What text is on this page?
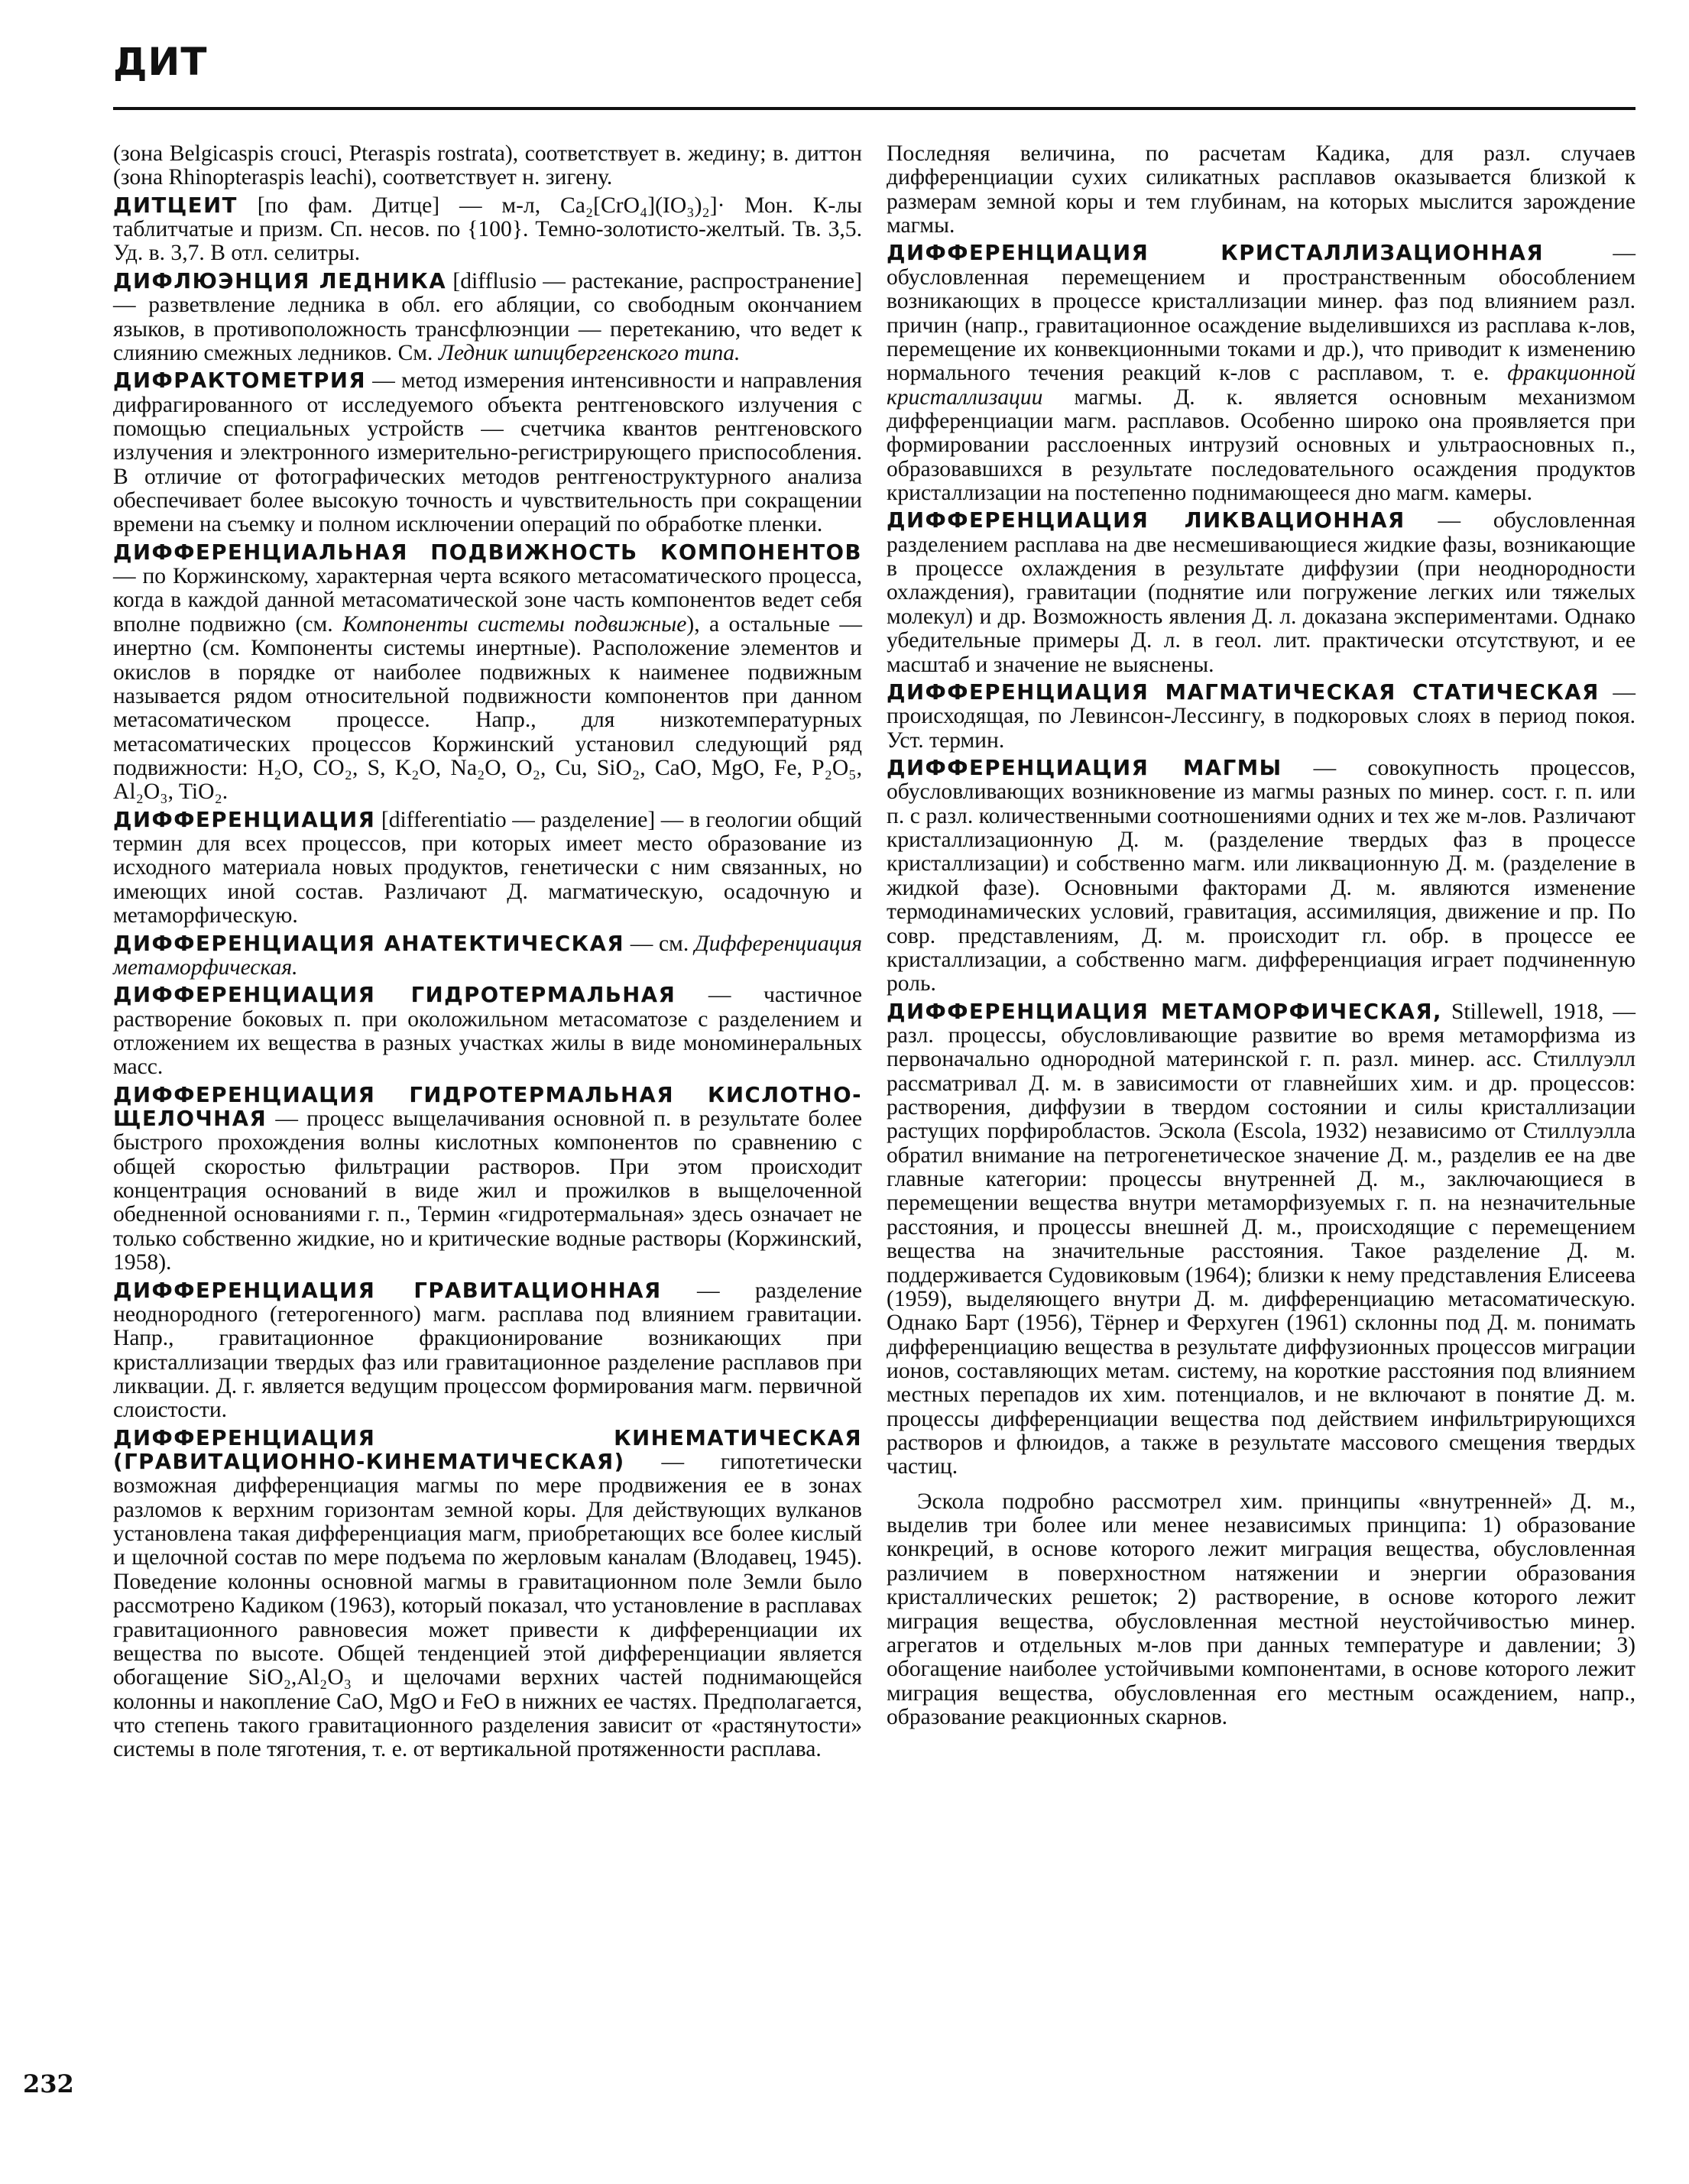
ДИТ
(зона Belgicaspis crouci, Pteraspis rostrata), соответствует в. жедину; в. диттон (зона Rhinopteraspis leachi), соответствует н. зигену.
ДИТЦЕИТ [по фам. Дитце] — м-л, Ca₂[CrO₄](IO₃)₂]· Мон. К-лы таблитчатые и призм. Сп. несов. по {100}. Темно-золотисто-желтый. Тв. 3,5. Уд. в. 3,7. В отл. селитры.
ДИФЛЮЭНЦИЯ ЛЕДНИКА [difflusio — растекание, распространение] — разветвление ледника в обл. его абляции, со свободным окончанием языков, в противоположность трансфлюэнции — перетеканию, что ведет к слиянию смежных ледников. См. Ледник шпицбергенского типа.
ДИФРАКТОМЕТРИЯ — метод измерения интенсивности и направления дифрагированного от исследуемого объекта рентгеновского излучения с помощью специальных устройств — счетчика квантов рентгеновского излучения и электронного измерительно-регистрирующего приспособления. В отличие от фотографических методов рентгеноструктурного анализа обеспечивает более высокую точность и чувствительность при сокращении времени на съемку и полном исключении операций по обработке пленки.
ДИФФЕРЕНЦИАЛЬНАЯ ПОДВИЖНОСТЬ КОМПОНЕНТОВ — по Коржинскому, характерная черта всякого метасоматического процесса, когда в каждой данной метасоматической зоне часть компонентов ведет себя вполне подвижно (см. Компоненты системы подвижные), а остальные — инертно (см. Компоненты системы инертные). Расположение элементов и окислов в порядке от наиболее подвижных к наименее подвижным называется рядом относительной подвижности компонентов при данном метасоматическом процессе. Напр., для низкотемпературных метасоматических процессов Коржинский установил следующий ряд подвижности: H₂O, CO₂, S, K₂O, Na₂O, O₂, Cu, SiO₂, CaO, MgO, Fe, P₂O₅, Al₂O₃, TiO₂.
ДИФФЕРЕНЦИАЦИЯ [differentiatio — разделение] — в геологии общий термин для всех процессов, при которых имеет место образование из исходного материала новых продуктов, генетически с ним связанных, но имеющих иной состав. Различают Д. магматическую, осадочную и метаморфическую.
ДИФФЕРЕНЦИАЦИЯ АНАТЕКТИЧЕСКАЯ — см. Дифференциация метаморфическая.
ДИФФЕРЕНЦИАЦИЯ ГИДРОТЕРМАЛЬНАЯ — частичное растворение боковых п. при околожильном метасоматозе с разделением и отложением их вещества в разных участках жилы в виде мономинеральных масс.
ДИФФЕРЕНЦИАЦИЯ ГИДРОТЕРМАЛЬНАЯ КИСЛОТНО-ЩЕЛОЧНАЯ — процесс выщелачивания основной п. в результате более быстрого прохождения волны кислотных компонентов по сравнению с общей скоростью фильтрации растворов. При этом происходит концентрация оснований в виде жил и прожилков в выщелоченной обедненной основаниями г. п., Термин «гидротермальная» здесь означает не только собственно жидкие, но и критические водные растворы (Коржинский, 1958).
ДИФФЕРЕНЦИАЦИЯ ГРАВИТАЦИОННАЯ — разделение неоднородного (гетерогенного) магм. расплава под влиянием гравитации. Напр., гравитационное фракционирование возникающих при кристаллизации твердых фаз или гравитационное разделение расплавов при ликвации. Д. г. является ведущим процессом формирования магм. первичной слоистости.
ДИФФЕРЕНЦИАЦИЯ КИНЕМАТИЧЕСКАЯ (ГРАВИТАЦИОННО-КИНЕМАТИЧЕСКАЯ) — гипотетически возможная дифференциация магмы по мере продвижения ее в зонах разломов к верхним горизонтам земной коры. Для действующих вулканов установлена такая дифференциация магм, приобретающих все более кислый и щелочной состав по мере подъема по жерловым каналам (Влодавец, 1945). Поведение колонны основной магмы в гравитационном поле Земли было рассмотрено Кадиком (1963), который показал, что установление в расплавах гравитационного равновесия может привести к дифференциации их вещества по высоте. Общей тенденцией этой дифференциации является обогащение SiO₂,Al₂O₃ и щелочами верхних частей поднимающейся колонны и накопление CaO, MgO и FeO в нижних ее частях. Предполагается, что степень такого гравитационного разделения зависит от «растянутости» системы в поле тяготения, т. е. от вертикальной протяженности расплава.
Последняя величина, по расчетам Кадика, для разл. случаев дифференциации сухих силикатных расплавов оказывается близкой к размерам земной коры и тем глубинам, на которых мыслится зарождение магмы.
ДИФФЕРЕНЦИАЦИЯ КРИСТАЛЛИЗАЦИОННАЯ — обусловленная перемещением и пространственным обособлением возникающих в процессе кристаллизации минер. фаз под влиянием разл. причин (напр., гравитационное осаждение выделившихся из расплава к-лов, перемещение их конвекционными токами и др.), что приводит к изменению нормального течения реакций к-лов с расплавом, т. е. фракционной кристаллизации магмы. Д. к. является основным механизмом дифференциации магм. расплавов. Особенно широко она проявляется при формировании расслоенных интрузий основных и ультраосновных п., образовавшихся в результате последовательного осаждения продуктов кристаллизации на постепенно поднимающееся дно магм. камеры.
ДИФФЕРЕНЦИАЦИЯ ЛИКВАЦИОННАЯ — обусловленная разделением расплава на две несмешивающиеся жидкие фазы, возникающие в процессе охлаждения в результате диффузии (при неоднородности охлаждения), гравитации (поднятие или погружение легких или тяжелых молекул) и др. Возможность явления Д. л. доказана экспериментами. Однако убедительные примеры Д. л. в геол. лит. практически отсутствуют, и ее масштаб и значение не выяснены.
ДИФФЕРЕНЦИАЦИЯ МАГМАТИЧЕСКАЯ СТАТИЧЕСКАЯ — происходящая, по Левинсон-Лессингу, в подкоровых слоях в период покоя. Уст. термин.
ДИФФЕРЕНЦИАЦИЯ МАГМЫ — совокупность процессов, обусловливающих возникновение из магмы разных по минер. сост. г. п. или п. с разл. количественными соотношениями одних и тех же м-лов. Различают кристаллизационную Д. м. (разделение твердых фаз в процессе кристаллизации) и собственно магм. или ликвационную Д. м. (разделение в жидкой фазе). Основными факторами Д. м. являются изменение термодинамических условий, гравитация, ассимиляция, движение и пр. По совр. представлениям, Д. м. происходит гл. обр. в процессе ее кристаллизации, а собственно магм. дифференциация играет подчиненную роль.
ДИФФЕРЕНЦИАЦИЯ МЕТАМОРФИЧЕСКАЯ, Stillewell, 1918, — разл. процессы, обусловливающие развитие во время метаморфизма из первоначально однородной материнской г. п. разл. минер. асс. Стиллуэлл рассматривал Д. м. в зависимости от главнейших хим. и др. процессов: растворения, диффузии в твердом состоянии и силы кристаллизации растущих порфиробластов. Эскола (Escola, 1932) независимо от Стиллуэлла обратил внимание на петрогенетическое значение Д. м., разделив ее на две главные категории: процессы внутренней Д. м., заключающиеся в перемещении вещества внутри метаморфизуемых г. п. на незначительные расстояния, и процессы внешней Д. м., происходящие с перемещением вещества на значительные расстояния. Такое разделение Д. м. поддерживается Судовиковым (1964); близки к нему представления Елисеева (1959), выделяющего внутри Д. м. дифференциацию метасоматическую. Однако Барт (1956), Тёрнер и Ферхуген (1961) склонны под Д. м. понимать дифференциацию вещества в результате диффузионных процессов миграции ионов, составляющих метам. систему, на короткие расстояния под влиянием местных перепадов их хим. потенциалов, и не включают в понятие Д. м. процессы дифференциации вещества под действием инфильтрирующихся растворов и флюидов, а также в результате массового смещения твердых частиц.
Эскола подробно рассмотрел хим. принципы «внутренней» Д. м., выделив три более или менее независимых принципа: 1) образование конкреций, в основе которого лежит миграция вещества, обусловленная различием в поверхностном натяжении и энергии образования кристаллических решеток; 2) растворение, в основе которого лежит миграция вещества, обусловленная местной неустойчивостью минер. агрегатов и отдельных м-лов при данных температуре и давлении; 3) обогащение наиболее устойчивыми компонентами, в основе которого лежит миграция вещества, обусловленная его местным осаждением, напр., образование реакционных скарнов.
232
